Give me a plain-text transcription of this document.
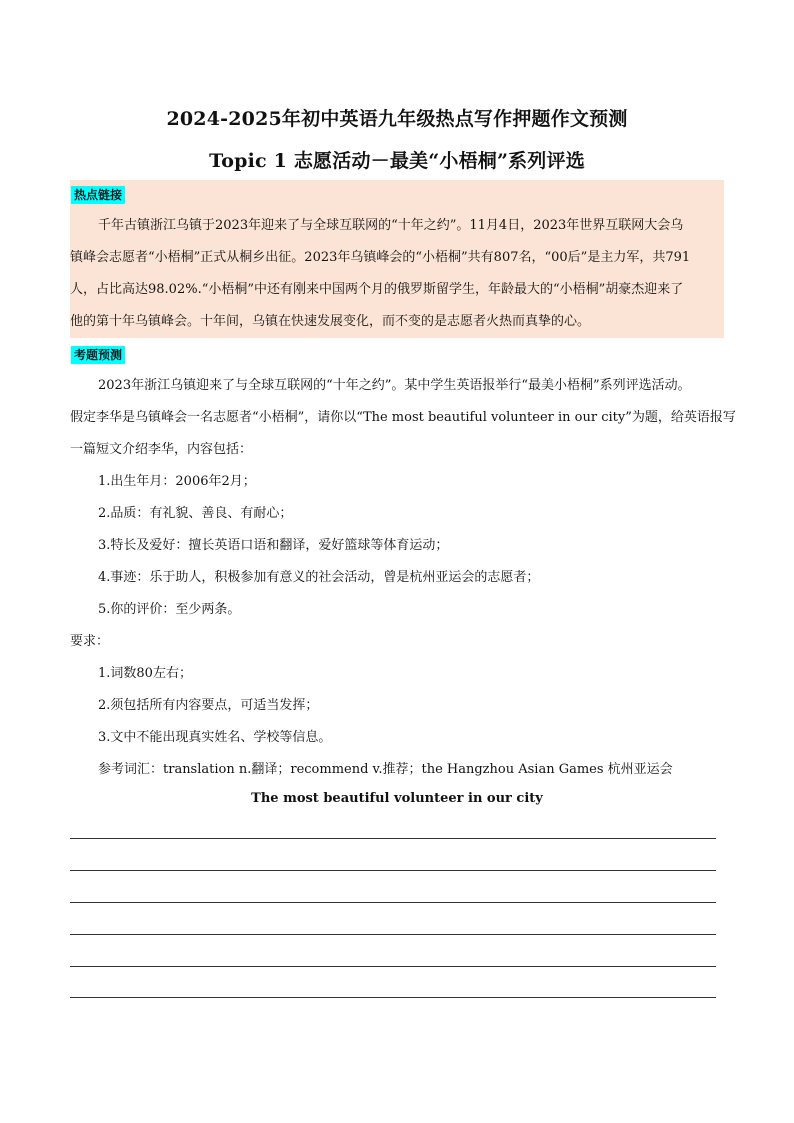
2024-2025年初中英语九年级热点写作押题作文预测
Topic 1 志愿活动－最美“小梧桐”系列评选
热点链接
千年古镇浙江乌镇于2023年迎来了与全球互联网的“十年之约”。11月4日，2023年世界互联网大会乌
镇峰会志愿者“小梧桐”正式从桐乡出征。2023年乌镇峰会的“小梧桐”共有807名，“00后”是主力军，共791
人，占比高达98.02%.“小梧桐”中还有刚来中国两个月的俄罗斯留学生，年龄最大的“小梧桐”胡豪杰迎来了
他的第十年乌镇峰会。十年间，乌镇在快速发展变化，而不变的是志愿者火热而真挚的心。
考题预测
2023年浙江乌镇迎来了与全球互联网的“十年之约”。某中学生英语报举行“最美小梧桐”系列评选活动。
假定李华是乌镇峰会一名志愿者“小梧桐”，请你以“The most beautiful volunteer in our city”为题，给英语报写
一篇短文介绍李华，内容包括：
1.出生年月：2006年2月；
2.品质：有礼貌、善良、有耐心；
3.特长及爱好：擅长英语口语和翻译，爱好篮球等体育运动；
4.事迹：乐于助人，积极参加有意义的社会活动，曾是杭州亚运会的志愿者；
5.你的评价：至少两条。
要求：
1.词数80左右；
2.须包括所有内容要点，可适当发挥；
3.文中不能出现真实姓名、学校等信息。
参考词汇：translation n.翻译；recommend v.推荐；the Hangzhou Asian Games 杭州亚运会
The most beautiful volunteer in our city
